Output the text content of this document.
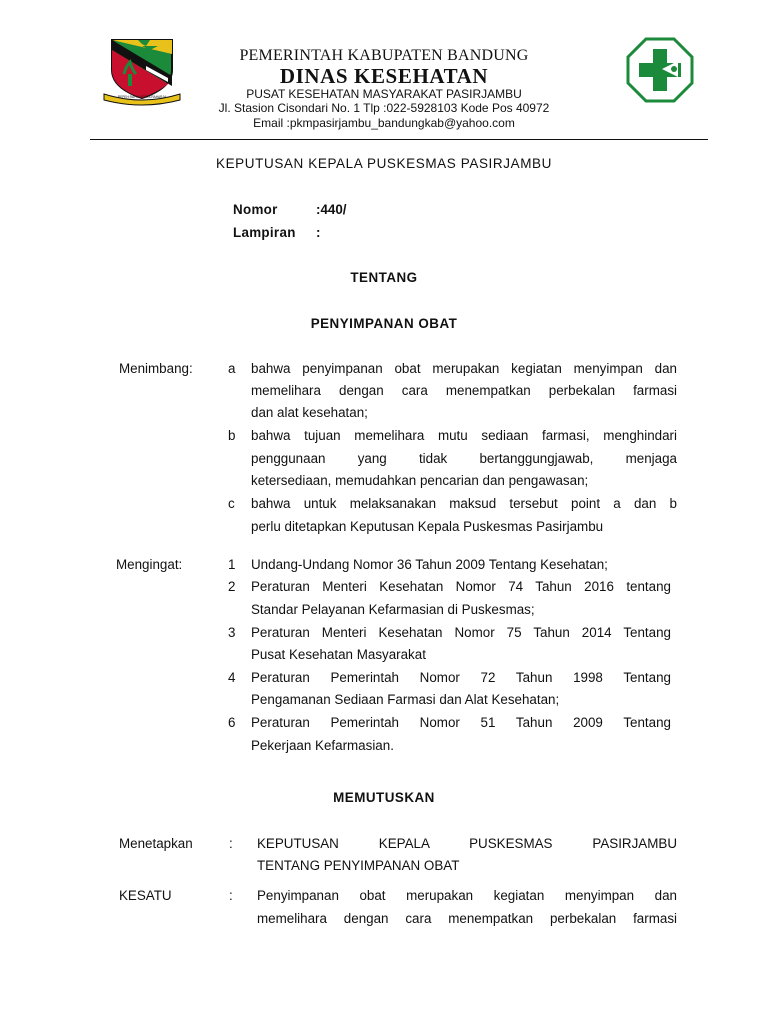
REPEH RAPIH KERTA RAHARJA
PEMERINTAH KABUPATEN BANDUNG
DINAS KESEHATAN
PUSAT KESEHATAN MASYARAKAT PASIRJAMBU
Jl. Stasion Cisondari No. 1 Tlp :022-5928103 Kode Pos 40972
Email :pkmpasirjambu_bandungkab@yahoo.com
KEPUTUSAN KEPALA PUSKESMAS PASIRJAMBU
Nomor	:440/
Lampiran :
TENTANG
PENYIMPANAN OBAT
Menimbang:	a bahwa penyimpanan obat merupakan kegiatan menyimpan dan
memelihara dengan cara menempatkan perbekalan farmasi
dan alat kesehatan;
b bahwa tujuan memelihara mutu sediaan farmasi, menghindari
penggunaan yang tidak bertanggungjawab, menjaga
ketersediaan, memudahkan pencarian dan pengawasan;
c bahwa untuk melaksanakan maksud tersebut point a dan b
perlu ditetapkan Keputusan Kepala Puskesmas Pasirjambu
Mengingat:	1 Undang-Undang Nomor 36 Tahun 2009 Tentang Kesehatan;
2 Peraturan Menteri Kesehatan Nomor 74 Tahun 2016 tentang
Standar Pelayanan Kefarmasian di Puskesmas;
3 Peraturan Menteri Kesehatan Nomor 75 Tahun 2014 Tentang
Pusat Kesehatan Masyarakat
4 Peraturan Pemerintah Nomor 72 Tahun 1998 Tentang
Pengamanan Sediaan Farmasi dan Alat Kesehatan;
6 Peraturan Pemerintah Nomor 51 Tahun 2009 Tentang
Pekerjaan Kefarmasian.
MEMUTUSKAN
Menetapkan	: KEPUTUSAN KEPALA PUSKESMAS PASIRJAMBU
TENTANG PENYIMPANAN OBAT
KESATU	: Penyimpanan obat merupakan kegiatan menyimpan dan
memelihara dengan cara menempatkan perbekalan farmasi
